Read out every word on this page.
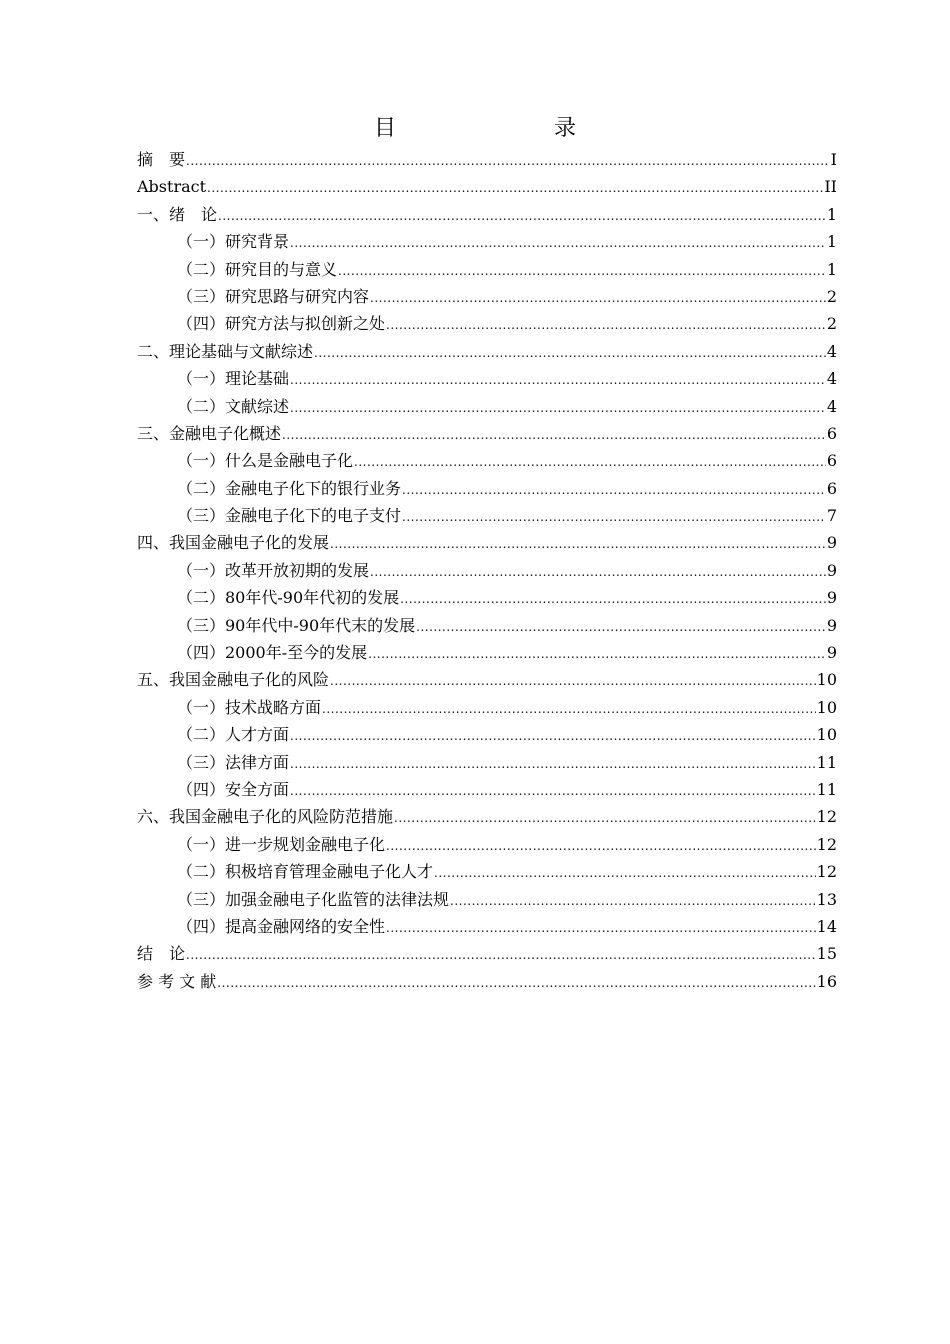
目　　录
摘　要 .....	I
Abstract .....	II
一、绪　论 .....	1
（一）研究背景 .....	1
（二）研究目的与意义 .....	1
（三）研究思路与研究内容 .....	2
（四）研究方法与拟创新之处 .....	2
二、理论基础与文献综述 .....	4
（一）理论基础 .....	4
（二）文献综述 .....	4
三、金融电子化概述 .....	6
（一）什么是金融电子化 .....	6
（二）金融电子化下的银行业务 .....	6
（三）金融电子化下的电子支付 .....	7
四、我国金融电子化的发展 .....	9
（一）改革开放初期的发展 .....	9
（二）80年代-90年代初的发展 .....	9
（三）90年代中-90年代末的发展 .....	9
（四）2000年-至今的发展 .....	9
五、我国金融电子化的风险 .....	10
（一）技术战略方面 .....	10
（二）人才方面 .....	10
（三）法律方面 .....	11
（四）安全方面 .....	11
六、我国金融电子化的风险防范措施 .....	12
（一）进一步规划金融电子化 .....	12
（二）积极培育管理金融电子化人才 .....	12
（三）加强金融电子化监管的法律法规 .....	13
（四）提高金融网络的安全性 .....	14
结　论 .....	15
参 考 文 献 .....	16
